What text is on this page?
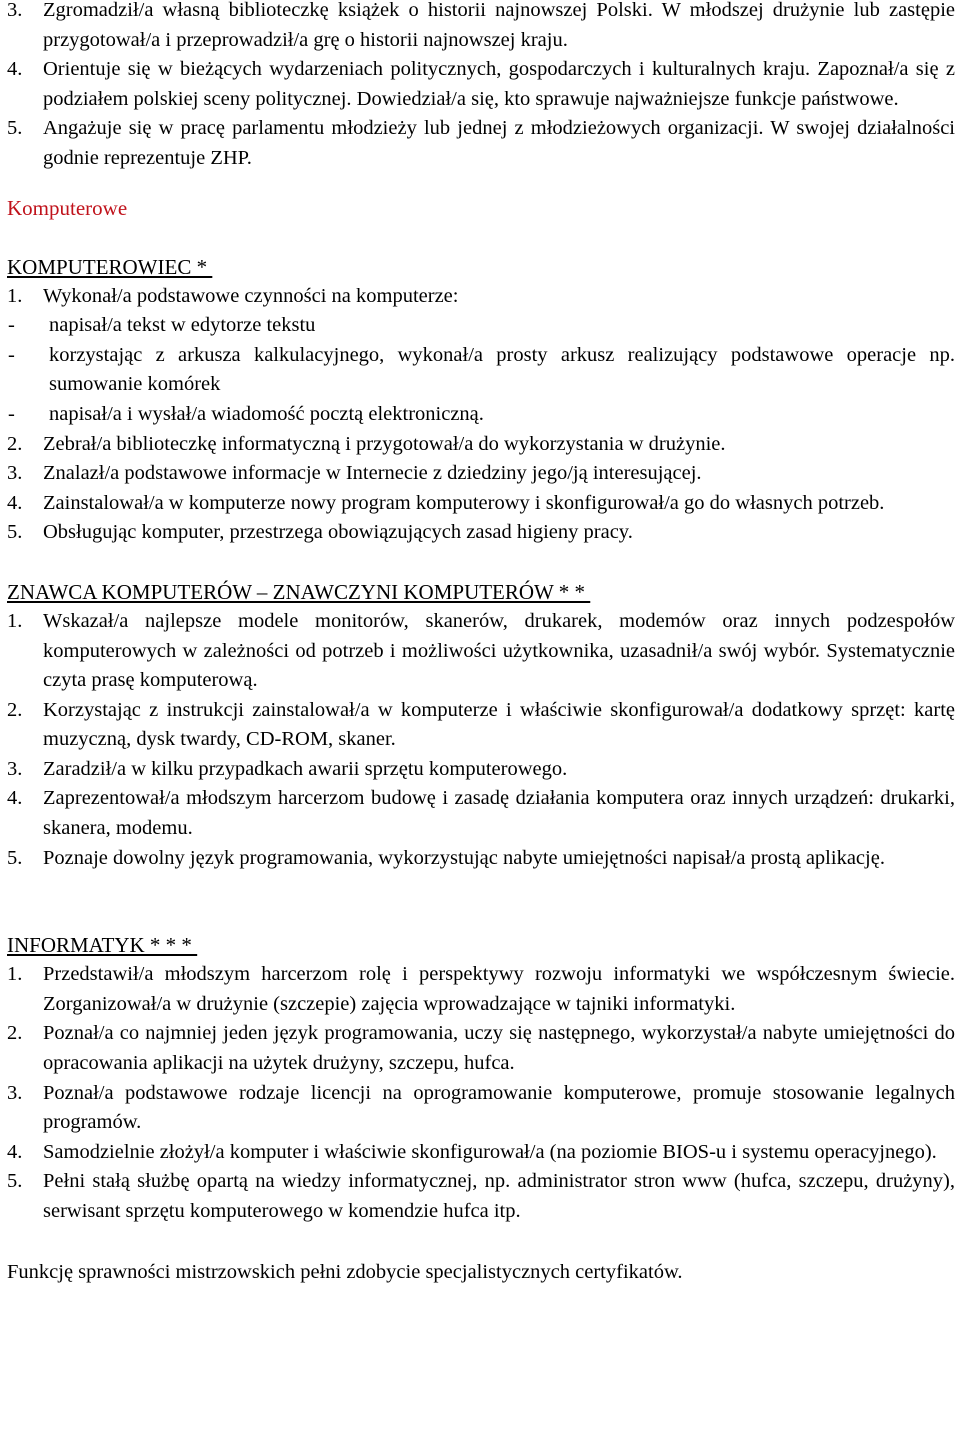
3. Zgromadził/a własną biblioteczkę książek o historii najnowszej Polski. W młodszej drużynie lub zastępie przygotował/a i przeprowadził/a grę o historii najnowszej kraju.
4. Orientuje się w bieżących wydarzeniach politycznych, gospodarczych i kulturalnych kraju. Zapoznał/a się z podziałem polskiej sceny politycznej. Dowiedział/a się, kto sprawuje najważniejsze funkcje państwowe.
5. Angażuje się w pracę parlamentu młodzieży lub jednej z młodzieżowych organizacji. W swojej działalności godnie reprezentuje ZHP.
Komputerowe
KOMPUTEROWIEC *
1. Wykonał/a podstawowe czynności na komputerze:
- napisał/a tekst w edytorze tekstu
- korzystając z arkusza kalkulacyjnego, wykonał/a prosty arkusz realizujący podstawowe operacje np. sumowanie komórek
- napisał/a i wysłał/a wiadomość pocztą elektroniczną.
2. Zebrał/a biblioteczkę informatyczną i przygotował/a do wykorzystania w drużynie.
3. Znalazł/a podstawowe informacje w Internecie z dziedziny jego/ją interesującej.
4. Zainstalował/a w komputerze nowy program komputerowy i skonfigurował/a go do własnych potrzeb.
5. Obsługując komputer, przestrzega obowiązujących zasad higieny pracy.
ZNAWCA KOMPUTERÓW – ZNAWCZYNI KOMPUTERÓW * *
1. Wskazał/a najlepsze modele monitorów, skanerów, drukarek, modemów oraz innych podzespołów komputerowych w zależności od potrzeb i możliwości użytkownika, uzasadnił/a swój wybór. Systematycznie czyta prasę komputerową.
2. Korzystając z instrukcji zainstalował/a w komputerze i właściwie skonfigurował/a dodatkowy sprzęt: kartę muzyczną, dysk twardy, CD-ROM, skaner.
3. Zaradził/a w kilku przypadkach awarii sprzętu komputerowego.
4. Zaprezentował/a młodszym harcerzom budowę i zasadę działania komputera oraz innych urządzeń: drukarki, skanera, modemu.
5. Poznaje dowolny język programowania, wykorzystując nabyte umiejętności napisał/a prostą aplikację.
INFORMATYK * * *
1. Przedstawił/a młodszym harcerzom rolę i perspektywy rozwoju informatyki we współczesnym świecie. Zorganizował/a w drużynie (szczepie) zajęcia wprowadzające w tajniki informatyki.
2. Poznał/a co najmniej jeden język programowania, uczy się następnego, wykorzystał/a nabyte umiejętności do opracowania aplikacji na użytek drużyny, szczepu, hufca.
3. Poznał/a podstawowe rodzaje licencji na oprogramowanie komputerowe, promuje stosowanie legalnych programów.
4. Samodzielnie złożył/a komputer i właściwie skonfigurował/a (na poziomie BIOS-u i systemu operacyjnego).
5. Pełni stałą służbę opartą na wiedzy informatycznej, np. administrator stron www (hufca, szczepu, drużyny), serwisant sprzętu komputerowego w komendzie hufca itp.
Funkcję sprawności mistrzowskich pełni zdobycie specjalistycznych certyfikatów.
